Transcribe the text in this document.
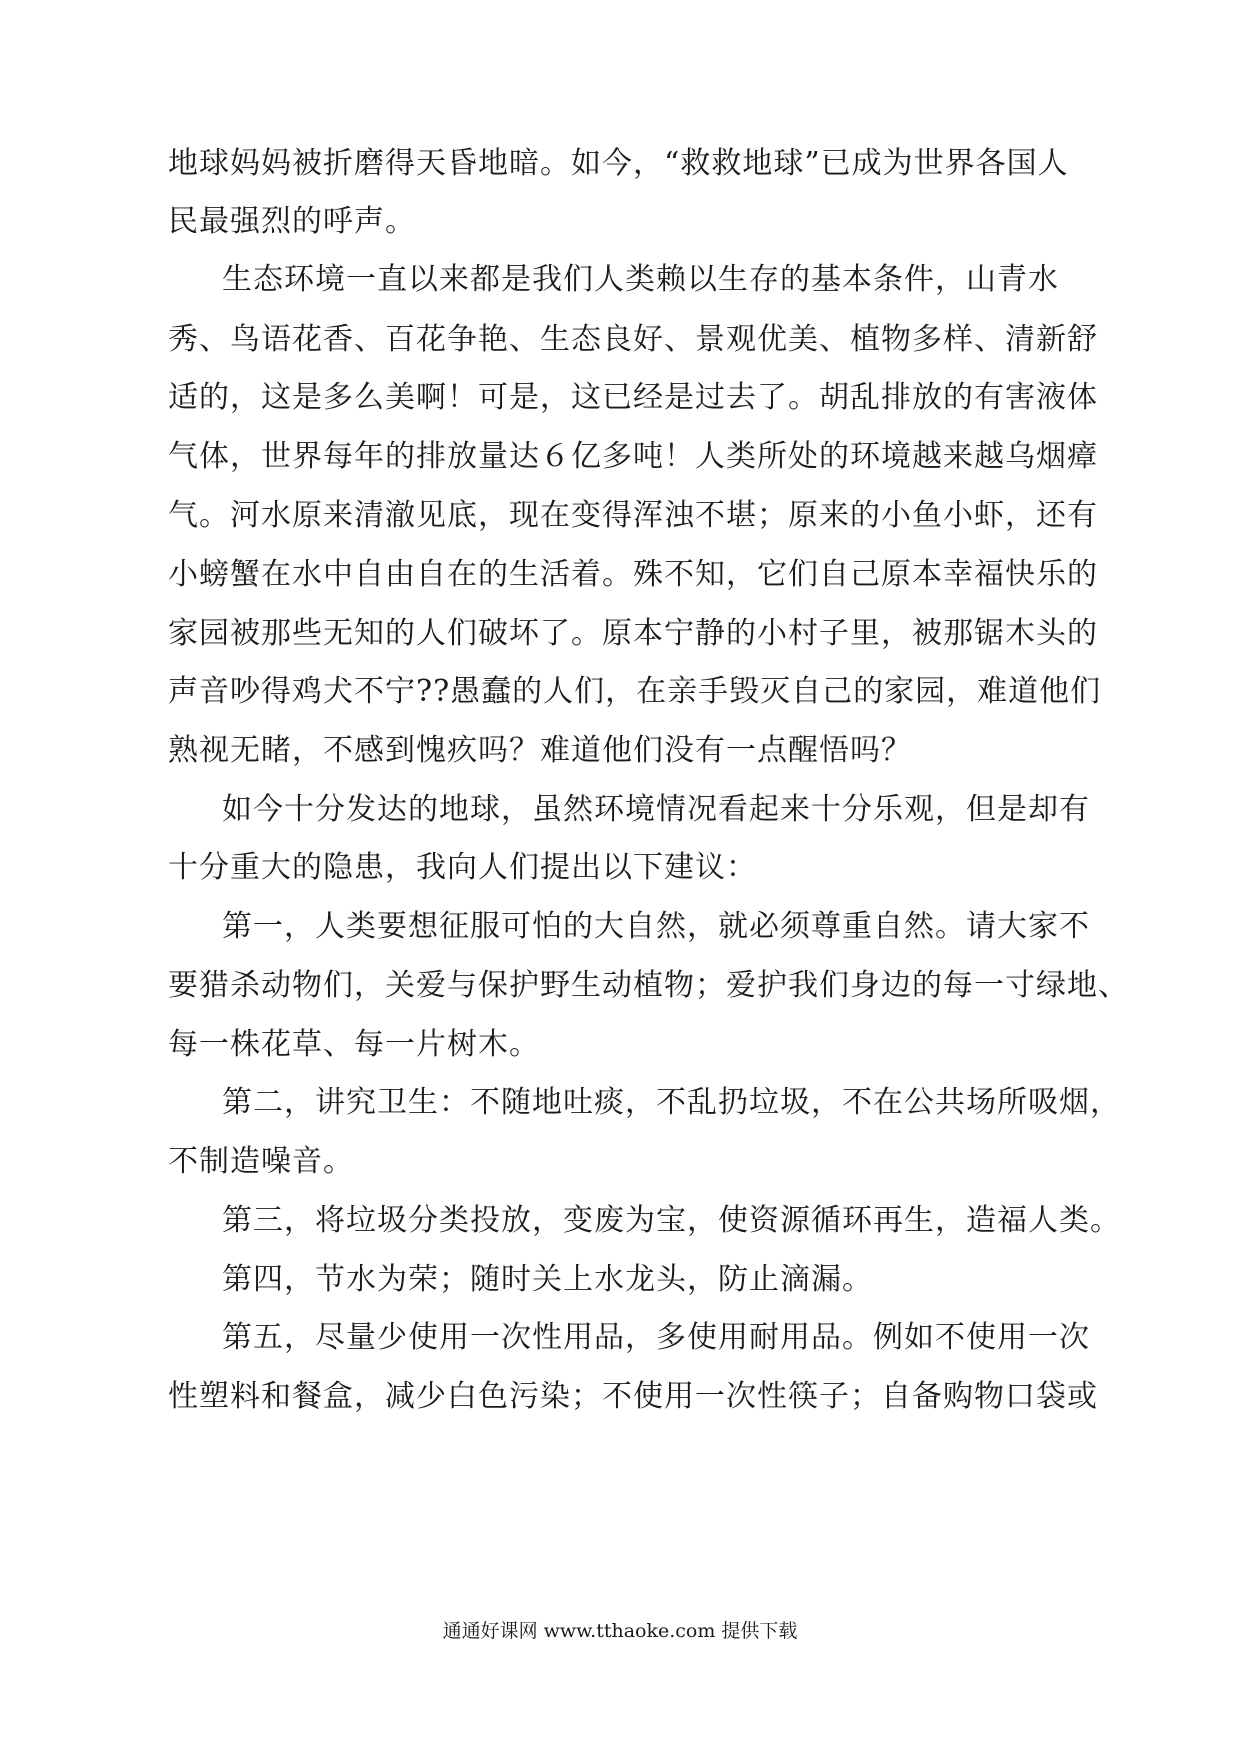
地球妈妈被折磨得天昏地暗。如今，“救救地球”已成为世界各国人
民最强烈的呼声。
生态环境一直以来都是我们人类赖以生存的基本条件，山青水
秀、鸟语花香、百花争艳、生态良好、景观优美、植物多样、清新舒
适的，这是多么美啊！可是，这已经是过去了。胡乱排放的有害液体
气体，世界每年的排放量达６亿多吨！人类所处的环境越来越乌烟瘴
气。河水原来清澈见底，现在变得浑浊不堪；原来的小鱼小虾，还有
小螃蟹在水中自由自在的生活着。殊不知，它们自己原本幸福快乐的
家园被那些无知的人们破坏了。原本宁静的小村子里，被那锯木头的
声音吵得鸡犬不宁??愚蠢的人们，在亲手毁灭自己的家园，难道他们
熟视无睹，不感到愧疚吗？难道他们没有一点醒悟吗？
如今十分发达的地球，虽然环境情况看起来十分乐观，但是却有
十分重大的隐患，我向人们提出以下建议：
第一，人类要想征服可怕的大自然，就必须尊重自然。请大家不
要猎杀动物们，关爱与保护野生动植物；爱护我们身边的每一寸绿地、
每一株花草、每一片树木。
第二，讲究卫生：不随地吐痰，不乱扔垃圾，不在公共场所吸烟，
不制造噪音。
第三，将垃圾分类投放，变废为宝，使资源循环再生，造福人类。
第四，节水为荣；随时关上水龙头，防止滴漏。
第五，尽量少使用一次性用品，多使用耐用品。例如不使用一次
性塑料和餐盒，减少白色污染；不使用一次性筷子；自备购物口袋或
通通好课网 www.tthaoke.com 提供下载
